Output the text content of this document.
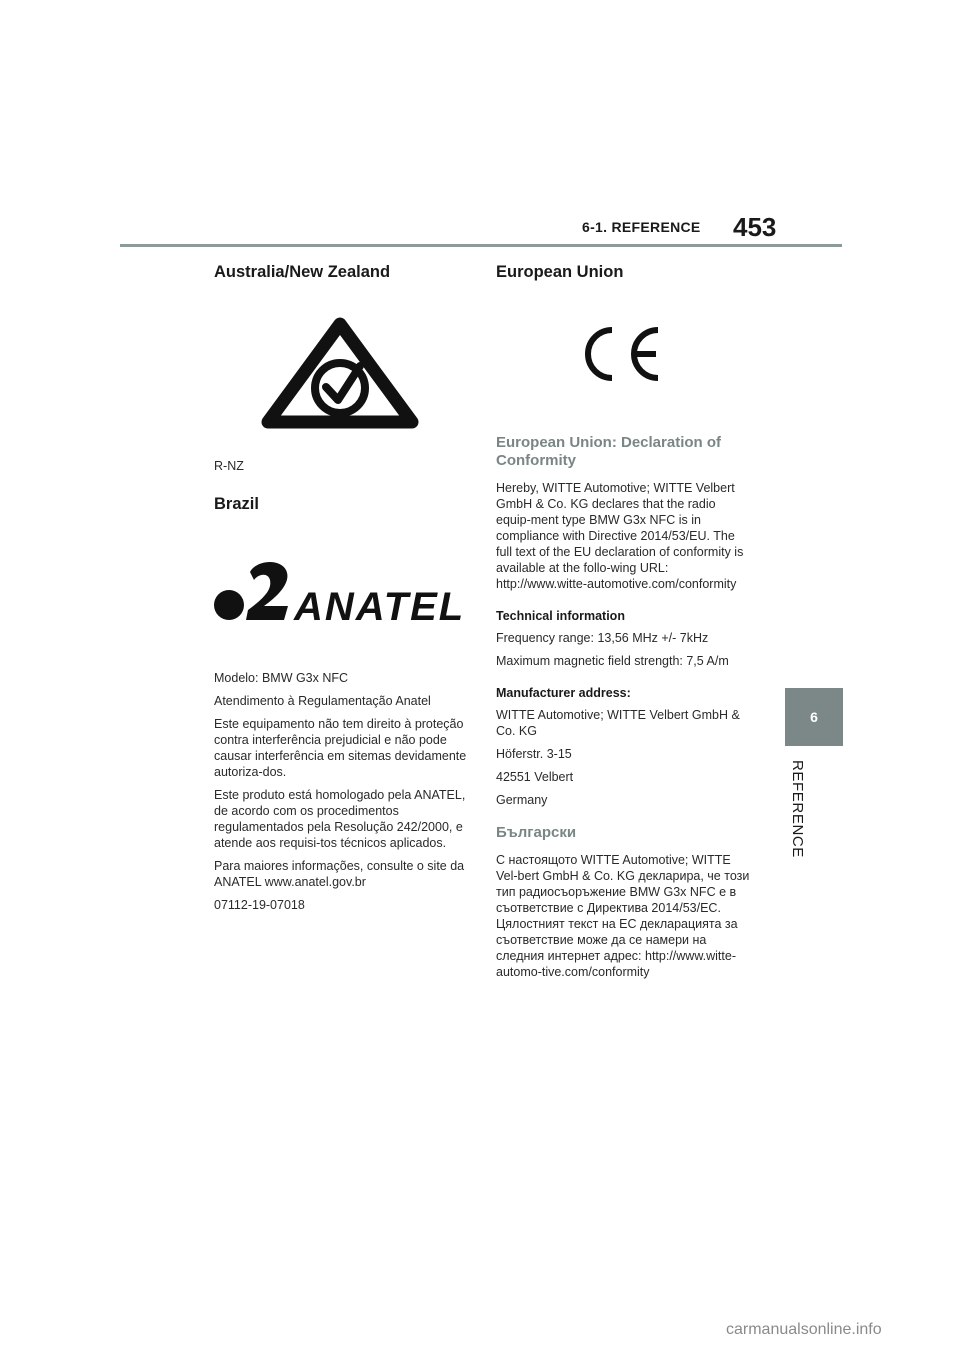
6-1. REFERENCE 453
Australia/New Zealand

R-NZ

Brazil
ANATEL

Modelo: BMW G3x NFC

Atendimento à Regulamentação Anatel

Este equipamento não tem direito à proteção contra interferência prejudicial e não pode causar interferência em sitemas devidamente autoriza-dos.

Este produto está homologado pela ANATEL, de acordo com os procedimentos regulamentados pela Resolução 242/2000, e atende aos requisi-tos técnicos aplicados.

Para maiores informações, consulte o site da ANATEL www.anatel.gov.br

07112-19-07018

European Union
European Union: Declaration of Conformity

Hereby, WITTE Automotive; WITTE Velbert GmbH & Co. KG declares that the radio equip-ment type BMW G3x NFC is in compliance with Directive 2014/53/EU. The full text of the EU declaration of conformity is available at the follo-wing URL: http://www.witte-automotive.com/conformity

Technical information

Frequency range: 13,56 MHz +/- 7kHz

Maximum magnetic field strength: 7,5 A/m

Manufacturer address:

WITTE Automotive; WITTE Velbert GmbH & Co. KG

Höferstr. 3-15

42551 Velbert

Germany

Български

С настоящото WITTE Automotive; WITTE Vel-bert GmbH & Co. KG декларира, че този тип радиосъоръжение BMW G3x NFC е в съответствие с Директива 2014/53/ЕС. Цялостният текст на ЕС декларацията за съответствие може да се намери на следния интернет адрес: http://www.witte-automo-tive.com/conformity

6
REFERENCE
carmanualsonline.info
